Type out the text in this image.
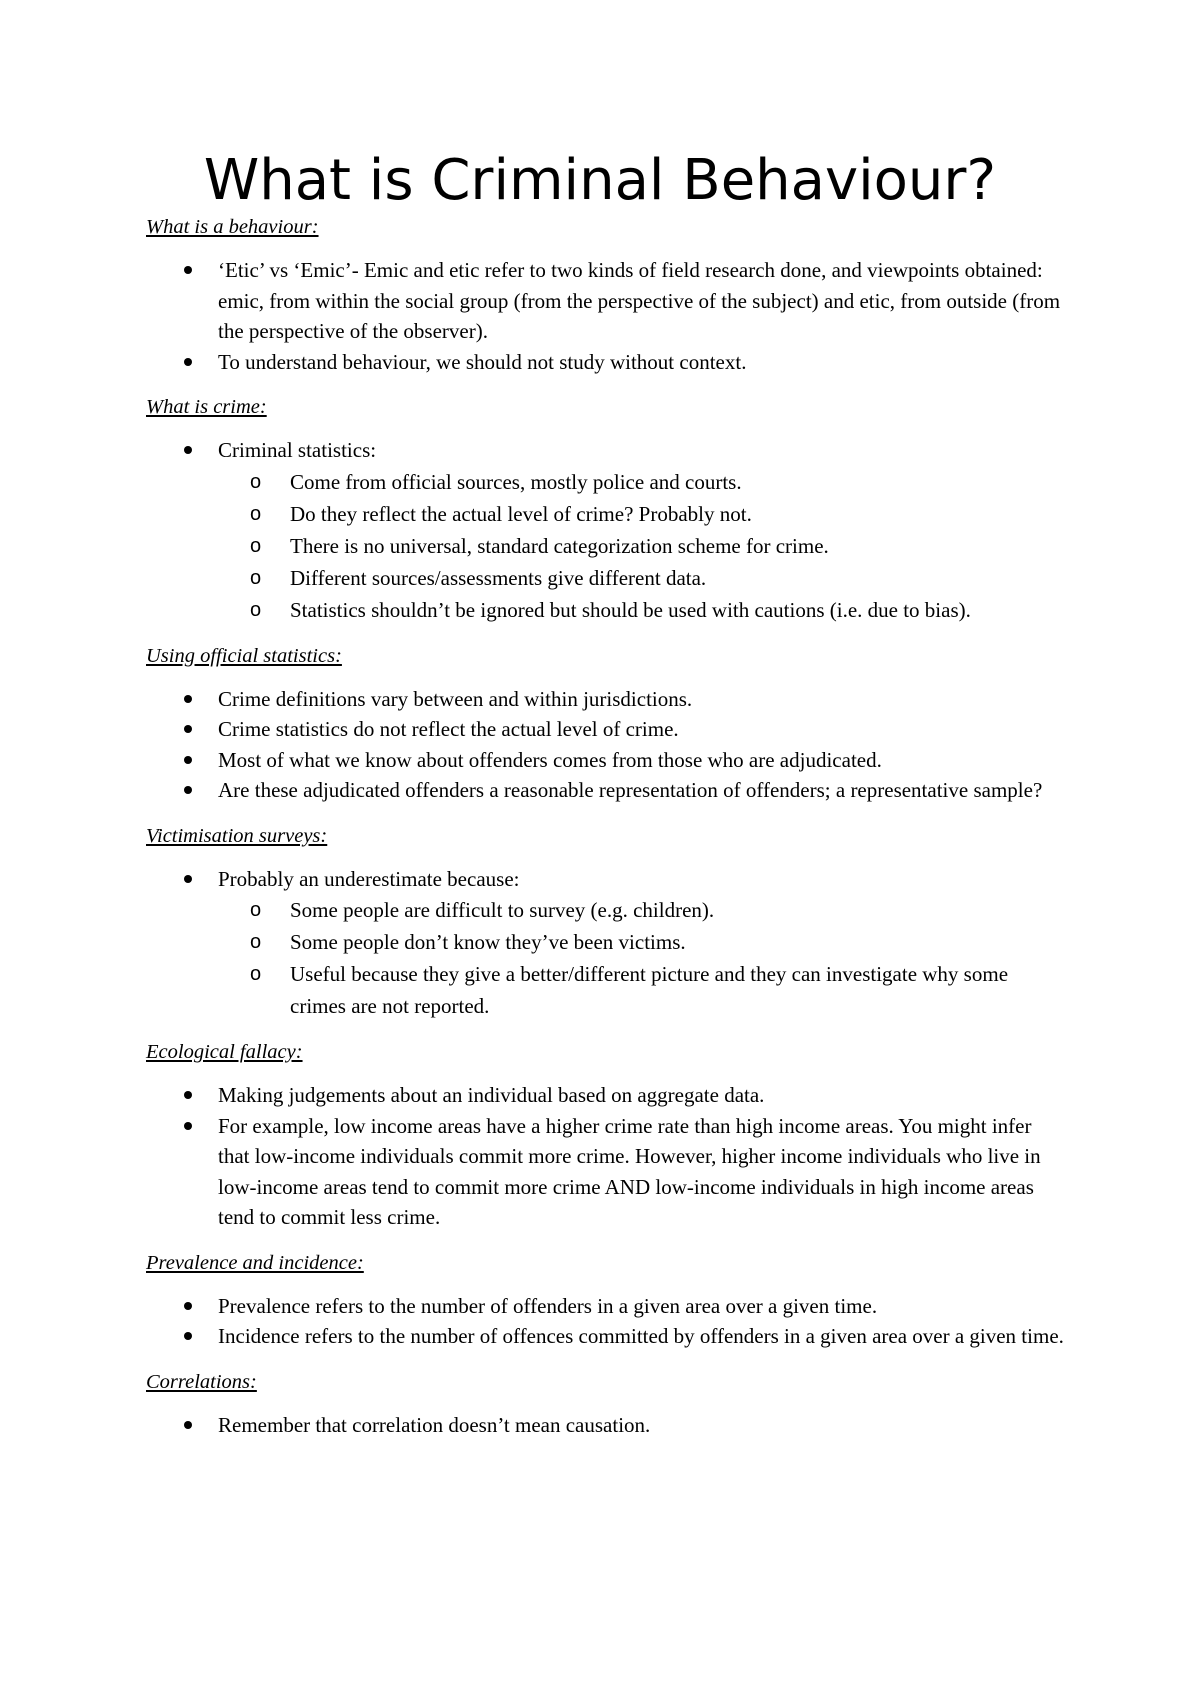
What is Criminal Behaviour?

What is a behaviour:

‘Etic’ vs ‘Emic’- Emic and etic refer to two kinds of field research done, and viewpoints obtained: emic, from within the social group (from the perspective of the subject) and etic, from outside (from the perspective of the observer).
To understand behaviour, we should not study without context.

What is crime:

Criminal statistics:
o Come from official sources, mostly police and courts.
o Do they reflect the actual level of crime? Probably not.
o There is no universal, standard categorization scheme for crime.
o Different sources/assessments give different data.
o Statistics shouldn’t be ignored but should be used with cautions (i.e. due to bias).

Using official statistics:

Crime definitions vary between and within jurisdictions.
Crime statistics do not reflect the actual level of crime.
Most of what we know about offenders comes from those who are adjudicated.
Are these adjudicated offenders a reasonable representation of offenders; a representative sample?

Victimisation surveys:

Probably an underestimate because:
o Some people are difficult to survey (e.g. children).
o Some people don’t know they’ve been victims.
o Useful because they give a better/different picture and they can investigate why some crimes are not reported.

Ecological fallacy:

Making judgements about an individual based on aggregate data.
For example, low income areas have a higher crime rate than high income areas. You might infer that low-income individuals commit more crime. However, higher income individuals who live in low-income areas tend to commit more crime AND low-income individuals in high income areas tend to commit less crime.

Prevalence and incidence:

Prevalence refers to the number of offenders in a given area over a given time.
Incidence refers to the number of offences committed by offenders in a given area over a given time.

Correlations:

Remember that correlation doesn’t mean causation.
